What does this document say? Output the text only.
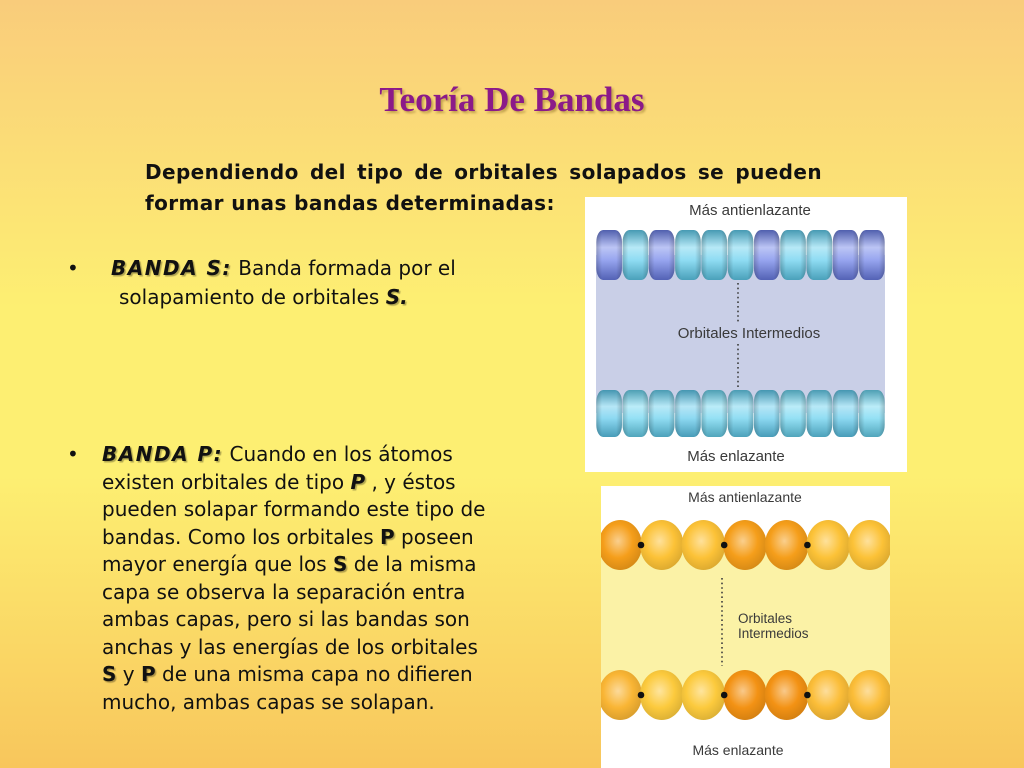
Teoría De Bandas
Dependiendo del tipo de orbitales solapados se pueden
formar unas bandas determinadas:
• BANDA S: Banda formada por el
solapamiento de orbitales S.
• BANDA P: Cuando en los átomos
existen orbitales de tipo P , y éstos
pueden solapar formando este tipo de
bandas. Como los orbitales P poseen
mayor energía que los S de la misma
capa se observa la separación entra
ambas capas, pero si las bandas son
anchas y las energías de los orbitales
S y P de una misma capa no difieren
mucho, ambas capas se solapan.
Más antienlazante
Orbitales Intermedios
Más enlazante
Más antienlazante
Orbitales
Intermedios
Más enlazante
